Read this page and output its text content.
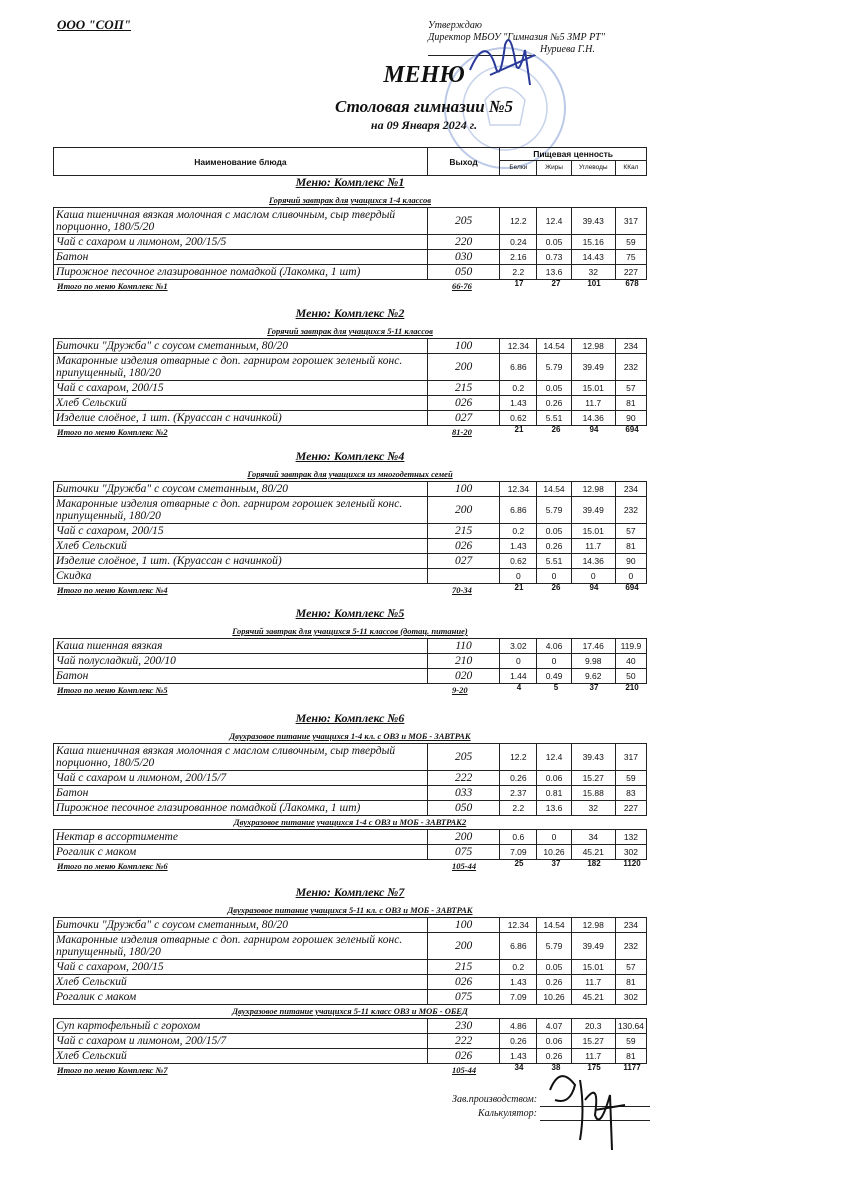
ООО "СОП"	Утверждаю
Директор МБОУ "Гимназия №5 ЗМР РТ"
Нуриева Г.Н.
МЕНЮ
Столовая гимназии №5
на 09 Января 2024 г.
Наименование блюда	Выход	Пищевая ценность			
		Белки	Жиры	Углеводы	ККал
Меню: Комплекс №1
Горячий завтрак для учащихся 1-4 классов
Каша пшеничная вязкая молочная с маслом сливочным, сыр твердый порционно, 180/5/20	205	12.2	12.4	39.43	317
Чай с сахаром и лимоном, 200/15/5	220	0.24	0.05	15.16	59
Батон	030	2.16	0.73	14.43	75
Пирожное песочное глазированное помадкой (Лакомка, 1 шт)	050	2.2	13.6	32	227
Итого по меню Комплекс №1	66-76	17	27	101	678
Меню: Комплекс №2
Горячий завтрак для учащихся 5-11 классов
Биточки "Дружба" с соусом сметанным, 80/20	100	12.34	14.54	12.98	234
Макаронные изделия отварные с доп. гарниром горошек зеленый конс. припущенный, 180/20	200	6.86	5.79	39.49	232
Чай с сахаром, 200/15	215	0.2	0.05	15.01	57
Хлеб Сельский	026	1.43	0.26	11.7	81
Изделие слоёное, 1 шт. (Круассан с начинкой)	027	0.62	5.51	14.36	90
Итого по меню Комплекс №2	81-20	21	26	94	694
Меню: Комплекс №4
Горячий завтрак для учащихся из многодетных семей
Биточки "Дружба" с соусом сметанным, 80/20	100	12.34	14.54	12.98	234
Макаронные изделия отварные с доп. гарниром горошек зеленый конс. припущенный, 180/20	200	6.86	5.79	39.49	232
Чай с сахаром, 200/15	215	0.2	0.05	15.01	57
Хлеб Сельский	026	1.43	0.26	11.7	81
Изделие слоёное, 1 шт. (Круассан с начинкой)	027	0.62	5.51	14.36	90
Скидка		0	0	0	0
Итого по меню Комплекс №4	70-34	21	26	94	694
Меню: Комплекс №5
Горячий завтрак для учащихся 5-11 классов (дотац. питание)
Каша пшенная вязкая	110	3.02	4.06	17.46	119.9
Чай полусладкий, 200/10	210	0	0	9.98	40
Батон	020	1.44	0.49	9.62	50
Итого по меню Комплекс №5	9-20	4	5	37	210
Меню: Комплекс №6
Двухразовое питание учащихся 1-4 кл. с ОВЗ и МОБ - ЗАВТРАК
Каша пшеничная вязкая молочная с маслом сливочным, сыр твердый порционно, 180/5/20	205	12.2	12.4	39.43	317
Чай с сахаром и лимоном, 200/15/7	222	0.26	0.06	15.27	59
Батон	033	2.37	0.81	15.88	83
Пирожное песочное глазированное помадкой (Лакомка, 1 шт)	050	2.2	13.6	32	227
Двухразовое питание учащихся 1-4 с ОВЗ и МОБ - ЗАВТРАК2
Нектар в ассортименте	200	0.6	0	34	132
Рогалик с маком	075	7.09	10.26	45.21	302
Итого по меню Комплекс №6	105-44	25	37	182	1120
Меню: Комплекс №7
Двухразовое питание учащихся 5-11 кл. с ОВЗ и МОБ - ЗАВТРАК
Биточки "Дружба" с соусом сметанным, 80/20	100	12.34	14.54	12.98	234
Макаронные изделия отварные с доп. гарниром горошек зеленый конс. припущенный, 180/20	200	6.86	5.79	39.49	232
Чай с сахаром, 200/15	215	0.2	0.05	15.01	57
Хлеб Сельский	026	1.43	0.26	11.7	81
Рогалик с маком	075	7.09	10.26	45.21	302
Двухразовое питание учащихся 5-11 класс ОВЗ и МОБ - ОБЕД
Суп картофельный с горохом	230	4.86	4.07	20.3	130.64
Чай с сахаром и лимоном, 200/15/7	222	0.26	0.06	15.27	59
Хлеб Сельский	026	1.43	0.26	11.7	81
Итого по меню Комплекс №7	105-44	34	38	175	1177
Зав.производством:
Калькулятор:
